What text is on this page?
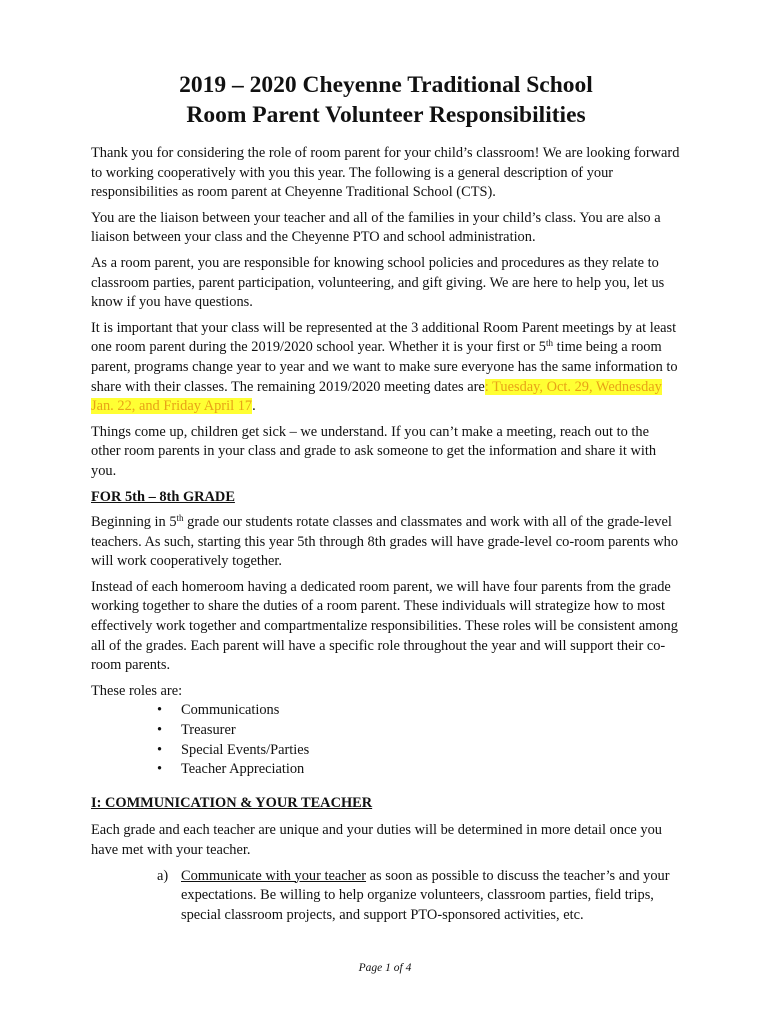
2019 – 2020 Cheyenne Traditional School
Room Parent Volunteer Responsibilities

Thank you for considering the role of room parent for your child’s classroom! We are looking forward to working cooperatively with you this year. The following is a general description of your responsibilities as room parent at Cheyenne Traditional School (CTS).

You are the liaison between your teacher and all of the families in your child’s class. You are also a liaison between your class and the Cheyenne PTO and school administration.

As a room parent, you are responsible for knowing school policies and procedures as they relate to classroom parties, parent participation, volunteering, and gift giving. We are here to help you, let us know if you have questions.

It is important that your class will be represented at the 3 additional Room Parent meetings by at least one room parent during the 2019/2020 school year. Whether it is your first or 5th time being a room parent, programs change year to year and we want to make sure everyone has the same information to share with their classes. The remaining 2019/2020 meeting dates are: Tuesday, Oct. 29, Wednesday Jan. 22, and Friday April 17.

Things come up, children get sick – we understand. If you can’t make a meeting, reach out to the other room parents in your class and grade to ask someone to get the information and share it with you.

FOR 5th – 8th GRADE

Beginning in 5th grade our students rotate classes and classmates and work with all of the grade-level teachers. As such, starting this year 5th through 8th grades will have grade-level co-room parents who will work cooperatively together.

Instead of each homeroom having a dedicated room parent, we will have four parents from the grade working together to share the duties of a room parent. These individuals will strategize how to most effectively work together and compartmentalize responsibilities. These roles will be consistent among all of the grades. Each parent will have a specific role throughout the year and will support their co-room parents.

These roles are:

• Communications
• Treasurer
• Special Events/Parties
• Teacher Appreciation
I: COMMUNICATION & YOUR TEACHER

Each grade and each teacher are unique and your duties will be determined in more detail once you have met with your teacher.

a) Communicate with your teacher as soon as possible to discuss the teacher’s and your expectations. Be willing to help organize volunteers, classroom parties, field trips, special classroom projects, and support PTO-sponsored activities, etc.
Page 1 of 4
